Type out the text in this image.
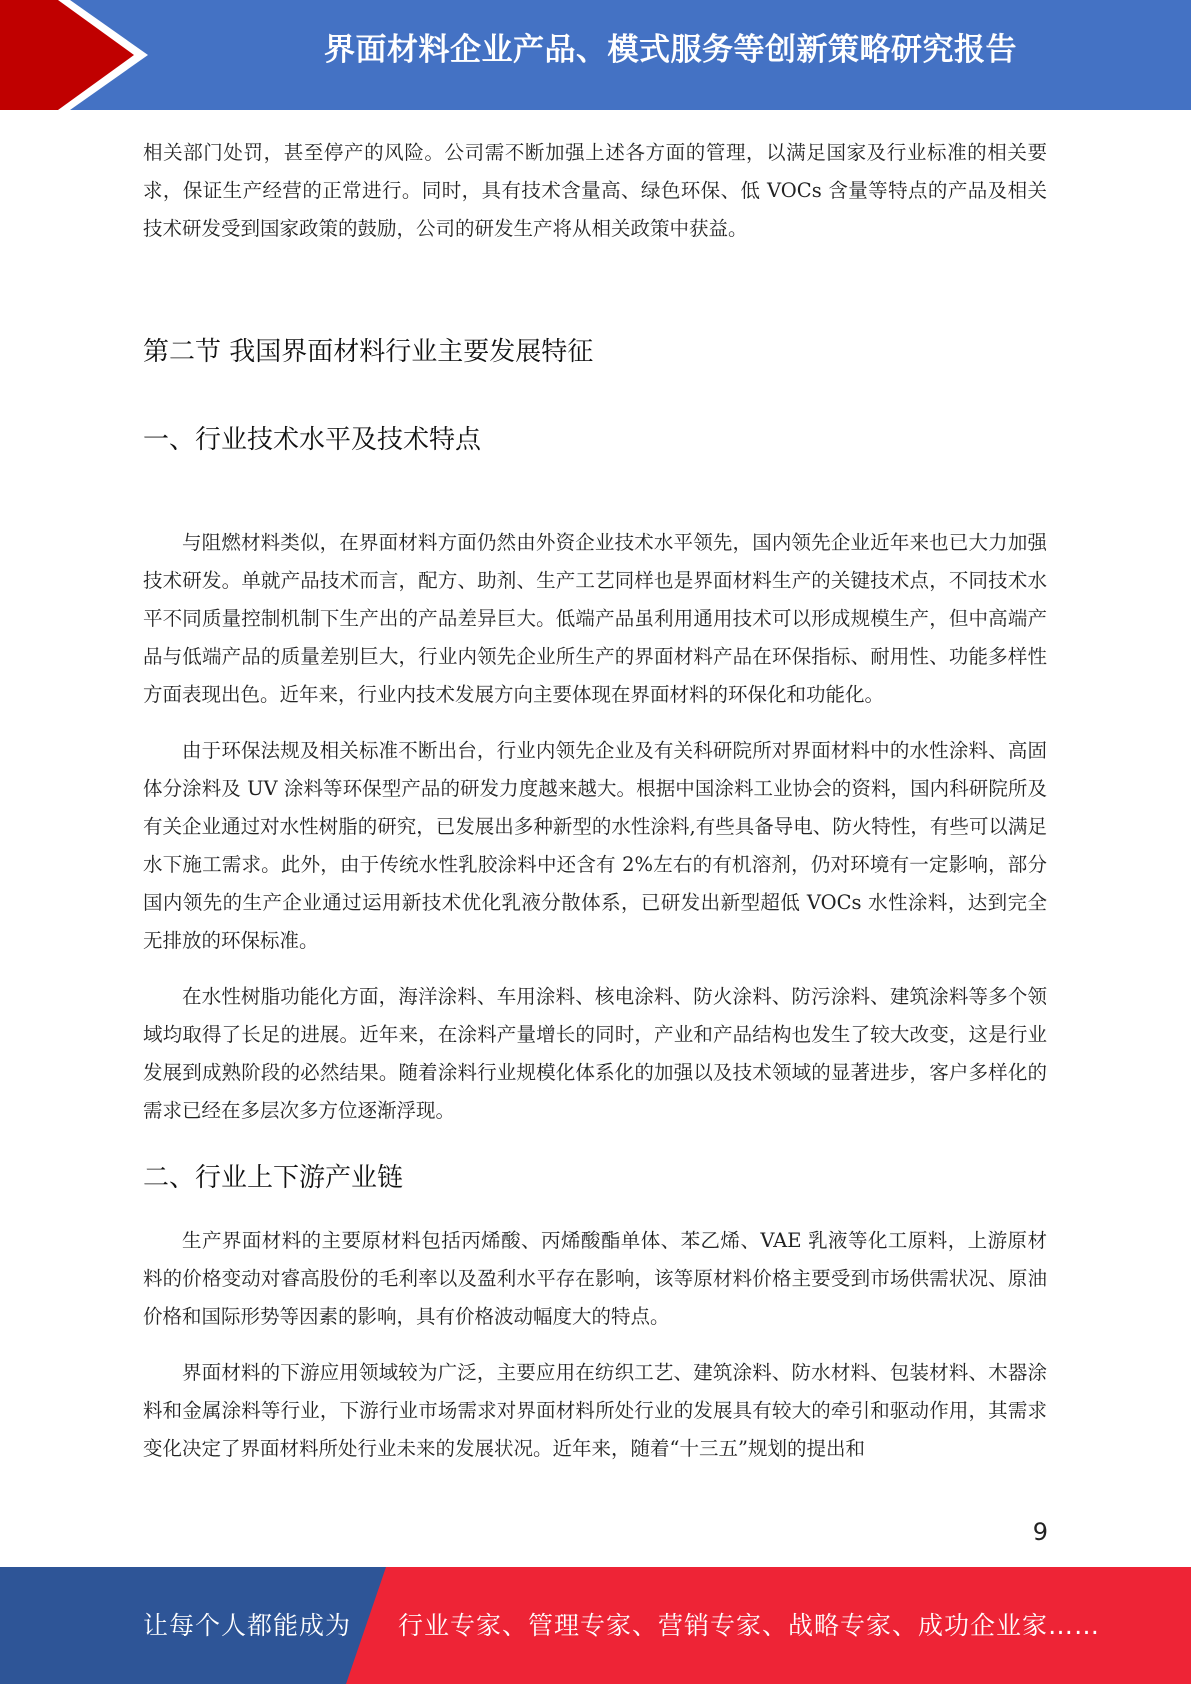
界面材料企业产品、模式服务等创新策略研究报告

相关部门处罚，甚至停产的风险。公司需不断加强上述各方面的管理，以满足国家及行业标准的相关要求，保证生产经营的正常进行。同时，具有技术含量高、绿色环保、低 VOCs 含量等特点的产品及相关技术研发受到国家政策的鼓励，公司的研发生产将从相关政策中获益。

第二节 我国界面材料行业主要发展特征
一、行业技术水平及技术特点

与阻燃材料类似，在界面材料方面仍然由外资企业技术水平领先，国内领先企业近年来也已大力加强技术研发。单就产品技术而言，配方、助剂、生产工艺同样也是界面材料生产的关键技术点，不同技术水平不同质量控制机制下生产出的产品差异巨大。低端产品虽利用通用技术可以形成规模生产，但中高端产品与低端产品的质量差别巨大，行业内领先企业所生产的界面材料产品在环保指标、耐用性、功能多样性方面表现出色。近年来，行业内技术发展方向主要体现在界面材料的环保化和功能化。

由于环保法规及相关标准不断出台，行业内领先企业及有关科研院所对界面材料中的水性涂料、高固体分涂料及 UV 涂料等环保型产品的研发力度越来越大。根据中国涂料工业协会的资料，国内科研院所及有关企业通过对水性树脂的研究，已发展出多种新型的水性涂料,有些具备导电、防火特性，有些可以满足水下施工需求。此外，由于传统水性乳胶涂料中还含有 2%左右的有机溶剂，仍对环境有一定影响，部分国内领先的生产企业通过运用新技术优化乳液分散体系，已研发出新型超低 VOCs 水性涂料，达到完全无排放的环保标准。

在水性树脂功能化方面，海洋涂料、车用涂料、核电涂料、防火涂料、防污涂料、建筑涂料等多个领域均取得了长足的进展。近年来，在涂料产量增长的同时，产业和产品结构也发生了较大改变，这是行业发展到成熟阶段的必然结果。随着涂料行业规模化体系化的加强以及技术领域的显著进步，客户多样化的需求已经在多层次多方位逐渐浮现。

二、行业上下游产业链

生产界面材料的主要原材料包括丙烯酸、丙烯酸酯单体、苯乙烯、VAE 乳液等化工原料，上游原材料的价格变动对睿高股份的毛利率以及盈利水平存在影响，该等原材料价格主要受到市场供需状况、原油价格和国际形势等因素的影响，具有价格波动幅度大的特点。

界面材料的下游应用领域较为广泛，主要应用在纺织工艺、建筑涂料、防水材料、包装材料、木器涂料和金属涂料等行业，下游行业市场需求对界面材料所处行业的发展具有较大的牵引和驱动作用，其需求变化决定了界面材料所处行业未来的发展状况。近年来，随着“十三五”规划的提出和

9
让每个人都能成为 行业专家、管理专家、营销专家、战略专家、成功企业家……
